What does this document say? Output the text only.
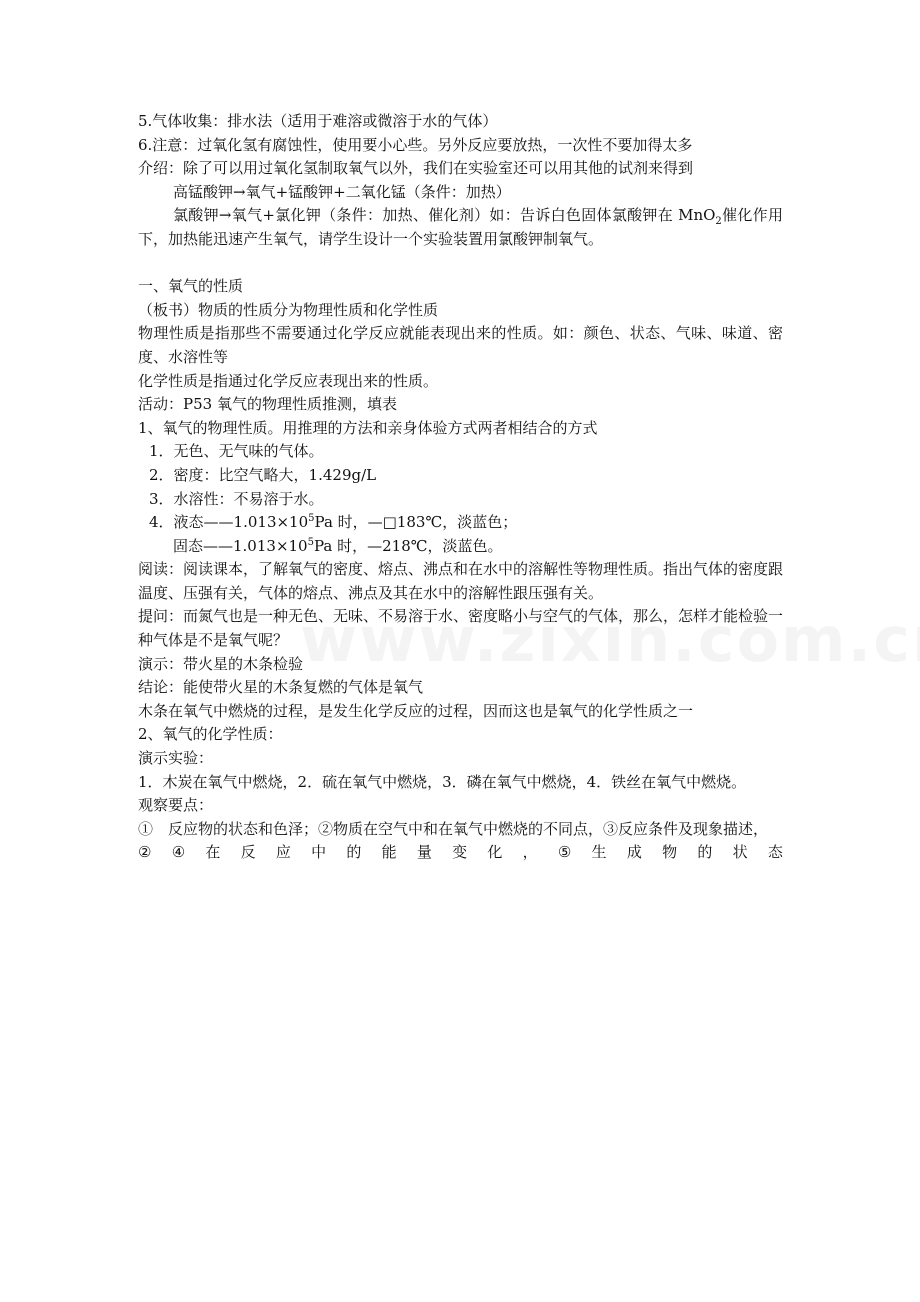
5.气体收集：排水法（适用于难溶或微溶于水的气体）

6.注意：过氧化氢有腐蚀性，使用要小心些。另外反应要放热，一次性不要加得太多

介绍：除了可以用过氧化氢制取氧气以外，我们在实验室还可以用其他的试剂来得到

高锰酸钾→氧气+锰酸钾+二氧化锰（条件：加热）

氯酸钾→氧气+氯化钾（条件：加热、催化剂）如：告诉白色固体氯酸钾在 MnO$_2$催化作用下，加热能迅速产生氧气，请学生设计一个实验装置用氯酸钾制氧气。

一、氧气的性质

（板书）物质的性质分为物理性质和化学性质

物理性质是指那些不需要通过化学反应就能表现出来的性质。如：颜色、状态、气味、味道、密度、水溶性等

化学性质是指通过化学反应表现出来的性质。

活动：P53 氧气的物理性质推测，填表

1、氧气的物理性质。用推理的方法和亲身体验方式两者相结合的方式

1．无色、无气味的气体。

2．密度：比空气略大，1.429g/L

3．水溶性：不易溶于水。

4．液态$——1.013\times 10^5Pa$ 时，—□183℃，淡蓝色；

固态$——1.013\times 10^5Pa$ 时，—218℃，淡蓝色。

阅读：阅读课本，了解氧气的密度、熔点、沸点和在水中的溶解性等物理性质。指出气体的密度跟温度、压强有关，气体的熔点、沸点及其在水中的溶解性跟压强有关。

提问：而氮气也是一种无色、无味、不易溶于水、密度略小与空气的气体，那么，怎样才能检验一种气体是不是氧气呢？

演示：带火星的木条检验

结论：能使带火星的木条复燃的气体是氧气

木条在氧气中燃烧的过程，是发生化学反应的过程，因而这也是氧气的化学性质之一

2、氧气的化学性质：

演示实验：

1．木炭在氧气中燃烧，2．硫在氧气中燃烧，3．磷在氧气中燃烧，4．铁丝在氧气中燃烧。

观察要点：

①　反应物的状态和色泽；②物质在空气中和在氧气中燃烧的不同点，③反应条件及现象描述，

② ④ 在 反 应 中 的 能 量 变 化 ， ⑤ 生 成 物 的 状 态
